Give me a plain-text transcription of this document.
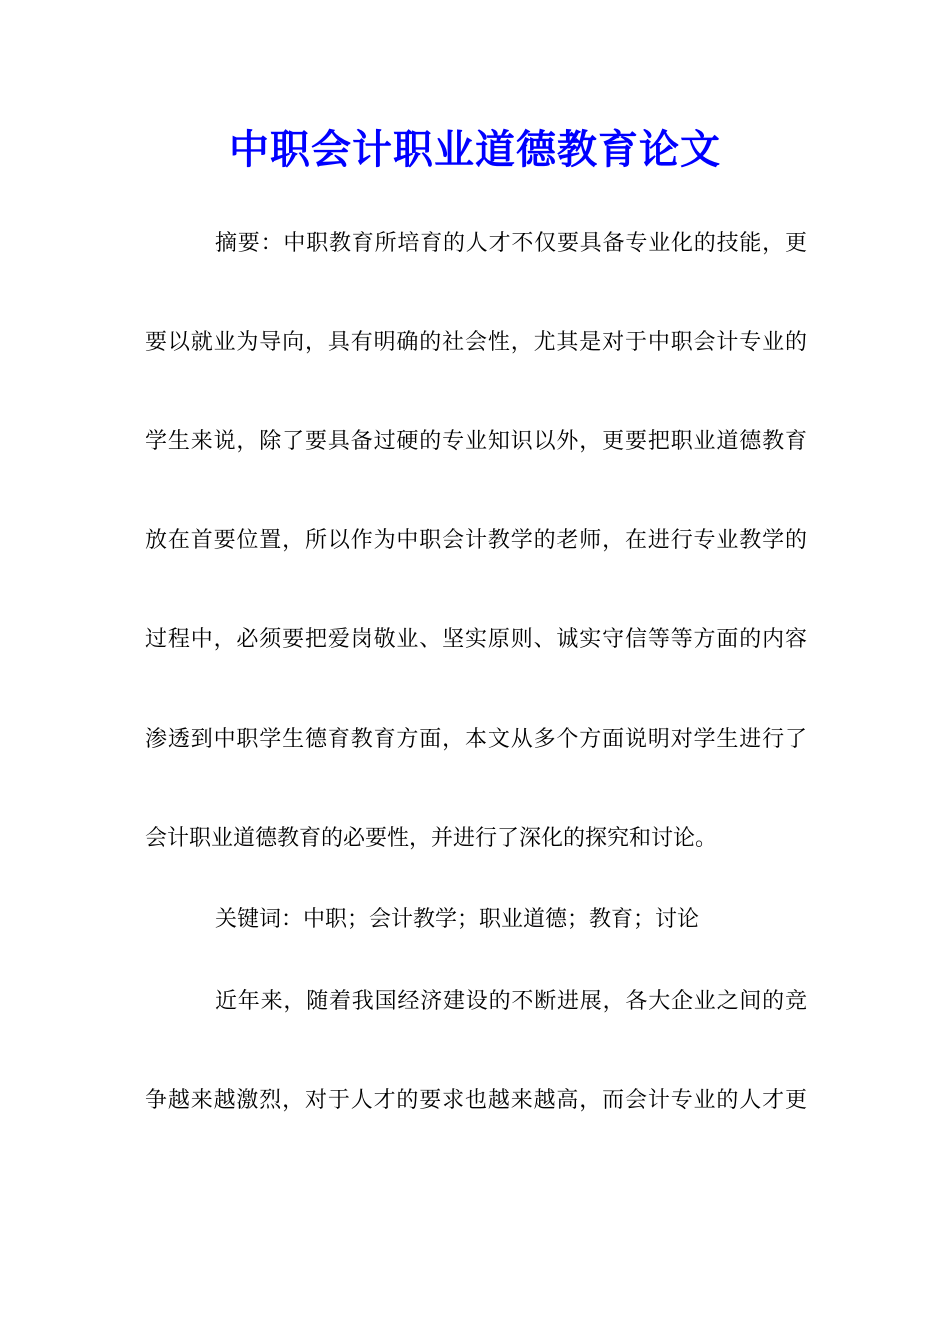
中职会计职业道德教育论文
摘要：中职教育所培育的人才不仅要具备专业化的技能，更
要以就业为导向，具有明确的社会性，尤其是对于中职会计专业的
学生来说，除了要具备过硬的专业知识以外，更要把职业道德教育
放在首要位置，所以作为中职会计教学的老师，在进行专业教学的
过程中，必须要把爱岗敬业、坚实原则、诚实守信等等方面的内容
渗透到中职学生德育教育方面，本文从多个方面说明对学生进行了
会计职业道德教育的必要性，并进行了深化的探究和讨论。
关键词：中职；会计教学；职业道德；教育；讨论
近年来，随着我国经济建设的不断进展，各大企业之间的竞
争越来越激烈，对于人才的要求也越来越高，而会计专业的人才更
